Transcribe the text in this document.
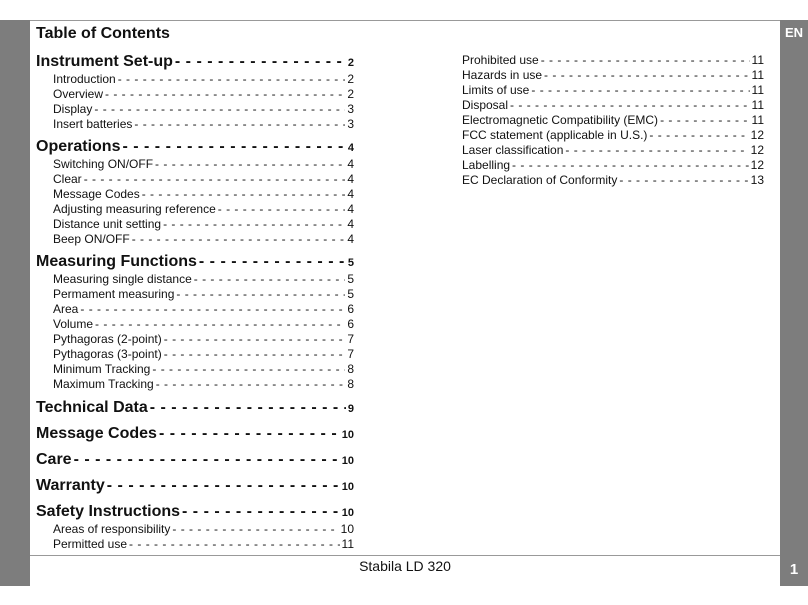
EN
1
Table of Contents
Instrument Set-up - - -	2
Introduction - - -	2
Overview - - -	2
Display - - -	3
Insert batteries - - -	3
Operations - - -	4
Switching ON/OFF - - -	4
Clear - - -	4
Message Codes - - -	4
Adjusting measuring reference - - -	4
Distance unit setting - - -	4
Beep ON/OFF - - -	4
Measuring Functions - - -	5
Measuring single distance - - -	5
Permament measuring - - -	5
Area - - -	6
Volume - - -	6
Pythagoras (2-point) - - -	7
Pythagoras (3-point) - - -	7
Minimum Tracking - - -	8
Maximum Tracking - - -	8
Technical Data - - -	9
Message Codes - - -	10
Care - - -	10
Warranty - - -	10
Safety Instructions - - -	10
Areas of responsibility - - -	10
Permitted use - - -	11
Prohibited use - - -	11
Hazards in use - - -	11
Limits of use - - -	11
Disposal - - -	11
Electromagnetic Compatibility (EMC) - - -	11
FCC statement (applicable in U.S.) - - -	12
Laser classification - - -	12
Labelling - - -	12
EC Declaration of Conformity - - -	13
Stabila LD 320
